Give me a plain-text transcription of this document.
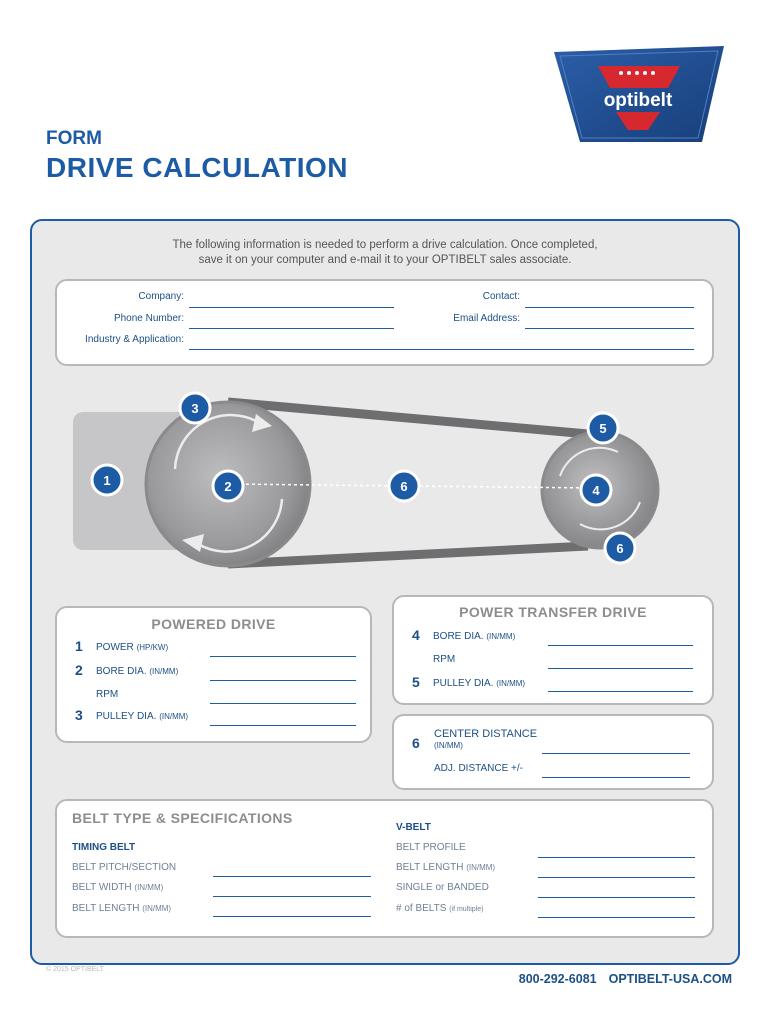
optibelt
FORM
DRIVE CALCULATION
The following information is needed to perform a drive calculation. Once completed,
save it on your computer and e-mail it to your OPTIBELT sales associate.
Company:
Phone Number:
Industry & Application:
Contact:
Email Address:
1	2
3
4
5
6
6
POWERED DRIVE
1 POWER (HP/KW)
2 BORE DIA. (IN/MM)
RPM
3 PULLEY DIA. (IN/MM)
POWER TRANSFER DRIVE
4 BORE DIA. (IN/MM)
RPM
5 PULLEY DIA. (IN/MM)
6
CENTER DISTANCE
(IN/MM)
ADJ. DISTANCE +/-
BELT TYPE & SPECIFICATIONS
TIMING BELT
BELT PITCH/SECTION
BELT WIDTH (IN/MM)
BELT LENGTH (IN/MM)
V-BELT
BELT PROFILE
BELT LENGTH (IN/MM)
SINGLE or BANDED
# of BELTS (if multiple)
© 2015 OPTIBELT
800-292-6081 OPTIBELT-USA.COM
